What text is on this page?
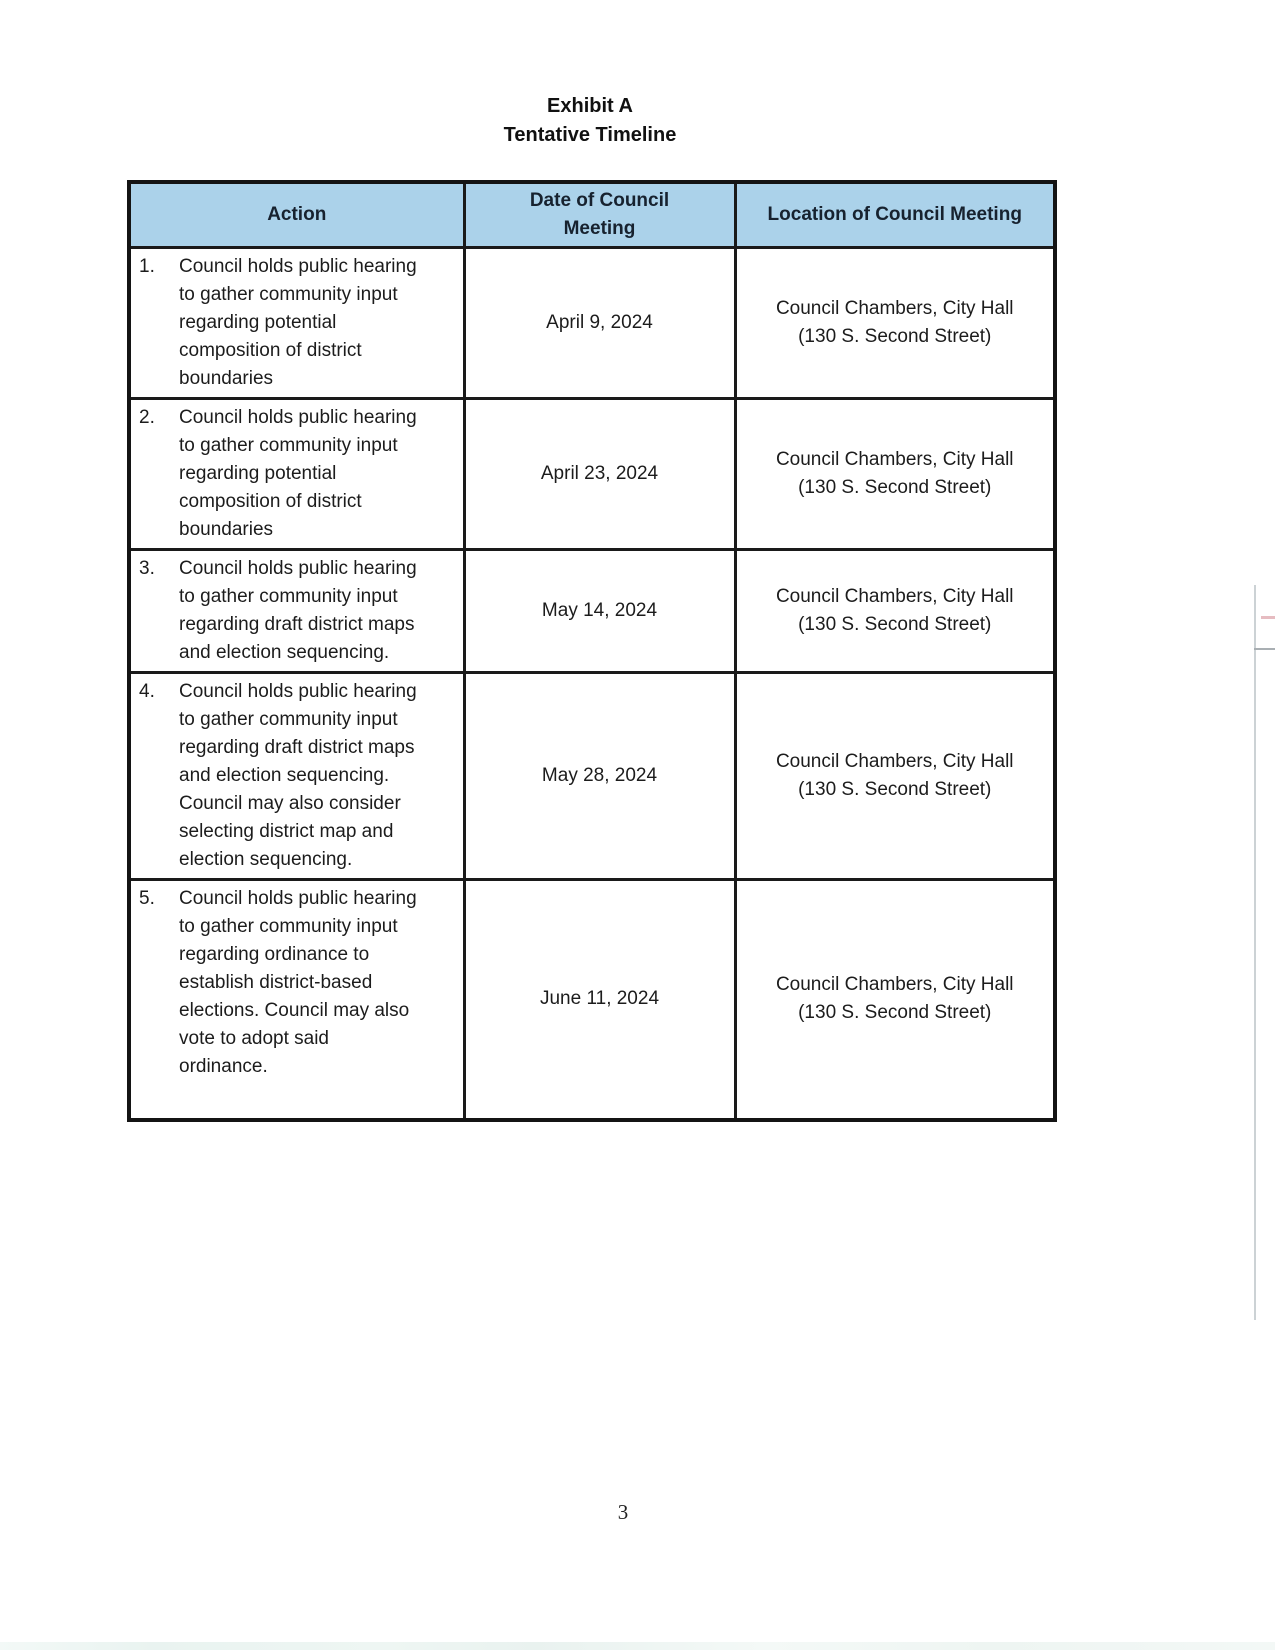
Exhibit A
Tentative Timeline
Action	Date of Council Meeting	Location of Council Meeting

1. Council holds public hearing to gather community input regarding potential composition of district boundaries	April 9, 2024	Council Chambers, City Hall
(130 S. Second Street)

2. Council holds public hearing to gather community input regarding potential composition of district boundaries	April 23, 2024	Council Chambers, City Hall
(130 S. Second Street)

3. Council holds public hearing to gather community input regarding draft district maps and election sequencing.	May 14, 2024	Council Chambers, City Hall
(130 S. Second Street)

4. Council holds public hearing to gather community input regarding draft district maps and election sequencing. Council may also consider selecting district map and election sequencing.	May 28, 2024	Council Chambers, City Hall
(130 S. Second Street)

5. Council holds public hearing to gather community input regarding ordinance to establish district-based elections. Council may also vote to adopt said ordinance.	June 11, 2024	Council Chambers, City Hall
(130 S. Second Street)
3
